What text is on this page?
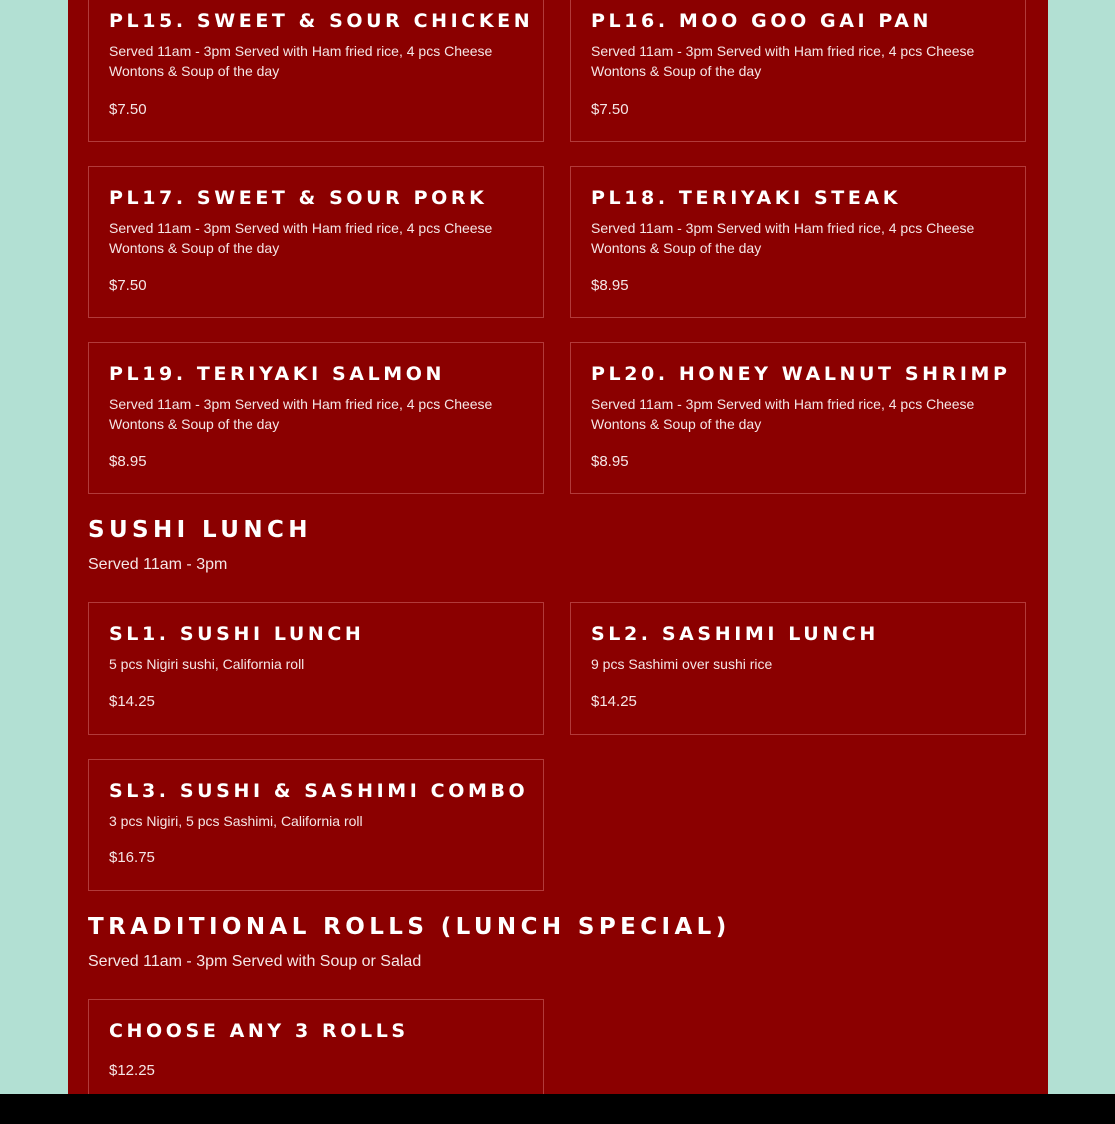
PL15. SWEET & SOUR CHICKEN
Served 11am - 3pm Served with Ham fried rice, 4 pcs Cheese Wontons & Soup of the day
$7.50
PL16. MOO GOO GAI PAN
Served 11am - 3pm Served with Ham fried rice, 4 pcs Cheese Wontons & Soup of the day
$7.50
PL17. SWEET & SOUR PORK
Served 11am - 3pm Served with Ham fried rice, 4 pcs Cheese Wontons & Soup of the day
$7.50
PL18. TERIYAKI STEAK
Served 11am - 3pm Served with Ham fried rice, 4 pcs Cheese Wontons & Soup of the day
$8.95
PL19. TERIYAKI SALMON
Served 11am - 3pm Served with Ham fried rice, 4 pcs Cheese Wontons & Soup of the day
$8.95
PL20. HONEY WALNUT SHRIMP
Served 11am - 3pm Served with Ham fried rice, 4 pcs Cheese Wontons & Soup of the day
$8.95
SUSHI LUNCH
Served 11am - 3pm
SL1. SUSHI LUNCH
5 pcs Nigiri sushi, California roll
$14.25
SL2. SASHIMI LUNCH
9 pcs Sashimi over sushi rice
$14.25
SL3. SUSHI & SASHIMI COMBO
3 pcs Nigiri, 5 pcs Sashimi, California roll
$16.75
TRADITIONAL ROLLS (LUNCH SPECIAL)
Served 11am - 3pm Served with Soup or Salad
CHOOSE ANY 3 ROLLS
$12.25
